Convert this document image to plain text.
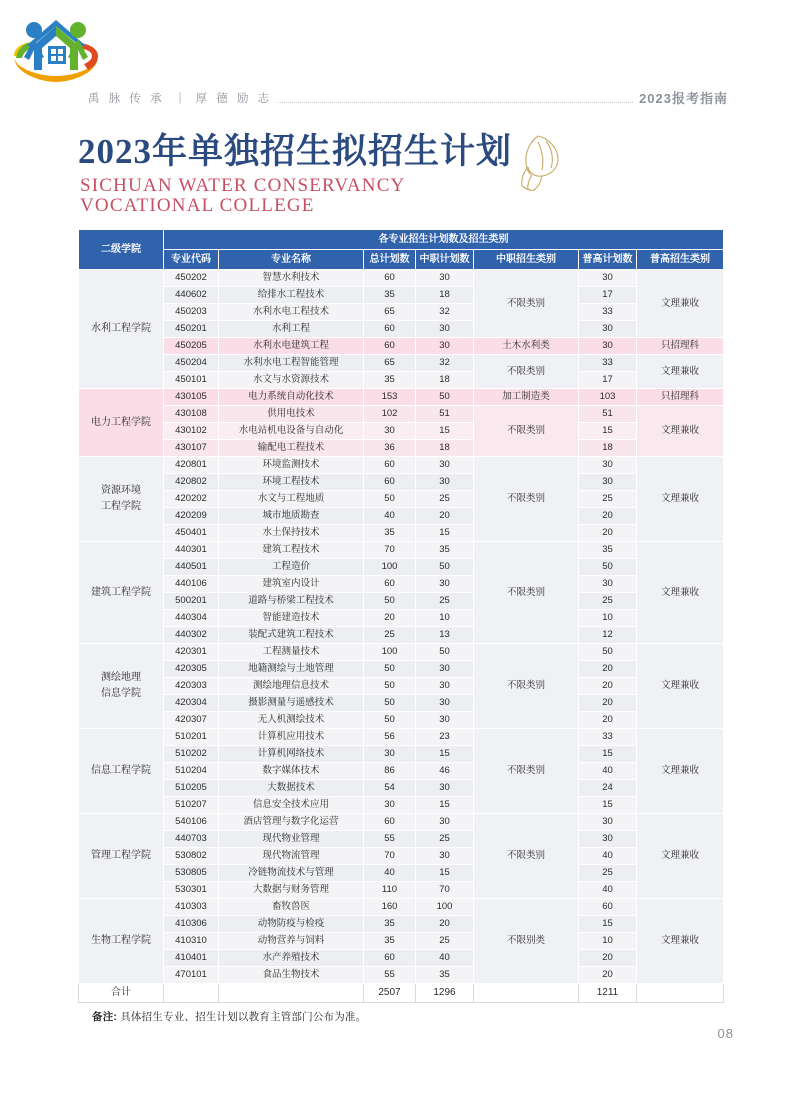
禹 脉 传 承	|	厚 德 励 志	2023报考指南
2023年单独招生拟招生计划
SICHUAN WATER CONSERVANCY
VOCATIONAL COLLEGE
二级学院	各专业招生计划数及招生类别						
	专业代码	专业名称	总计划数	中职计划数	中职招生类别	普高计划数	普高招生类别
水利工程学院	450202	智慧水利技术	60	30	不限类别	30	文理兼收
	440602	给排水工程技术	35	18		17	
	450203	水利水电工程技术	65	32		33	
	450201	水利工程	60	30		30	
	450205	水利水电建筑工程	60	30	土木水利类	30	只招理科
	450204	水利水电工程智能管理	65	32	不限类别	33	文理兼收
	450101	水文与水资源技术	35	18		17	
电力工程学院	430105	电力系统自动化技术	153	50	加工制造类	103	只招理科
	430108	供用电技术	102	51	不限类别	51	文理兼收
	430102	水电站机电设备与自动化	30	15		15	
	430107	输配电工程技术	36	18		18	
资源环境
工程学院	420801	环境监测技术	60	30	不限类别	30	文理兼收
	420802	环境工程技术	60	30		30	
	420202	水文与工程地质	50	25		25	
	420209	城市地质勘查	40	20		20	
	450401	水土保持技术	35	15		20	
建筑工程学院	440301	建筑工程技术	70	35	不限类别	35	文理兼收
	440501	工程造价	100	50		50	
	440106	建筑室内设计	60	30		30	
	500201	道路与桥梁工程技术	50	25		25	
	440304	智能建造技术	20	10		10	
	440302	装配式建筑工程技术	25	13		12	
测绘地理
信息学院	420301	工程测量技术	100	50	不限类别	50	文理兼收
	420305	地籍测绘与土地管理	50	30		20	
	420303	测绘地理信息技术	50	30		20	
	420304	摄影测量与遥感技术	50	30		20	
	420307	无人机测绘技术	50	30		20	
信息工程学院	510201	计算机应用技术	56	23	不限类别	33	文理兼收
	510202	计算机网络技术	30	15		15	
	510204	数字媒体技术	86	46		40	
	510205	大数据技术	54	30		24	
	510207	信息安全技术应用	30	15		15	
管理工程学院	540106	酒店管理与数字化运营	60	30	不限类别	30	文理兼收
	440703	现代物业管理	55	25		30	
	530802	现代物流管理	70	30		40	
	530805	冷链物流技术与管理	40	15		25	
	530301	大数据与财务管理	110	70		40	
生物工程学院	410303	畜牧兽医	160	100	不限别类	60	文理兼收
	410306	动物防疫与检疫	35	20		15	
	410310	动物营养与饲料	35	25		10	
	410401	水产养殖技术	60	40		20	
	470101	食品生物技术	55	35		20	
合计			2507	1296		1211	
备注: 具体招生专业、招生计划以教育主管部门公布为准。
08
